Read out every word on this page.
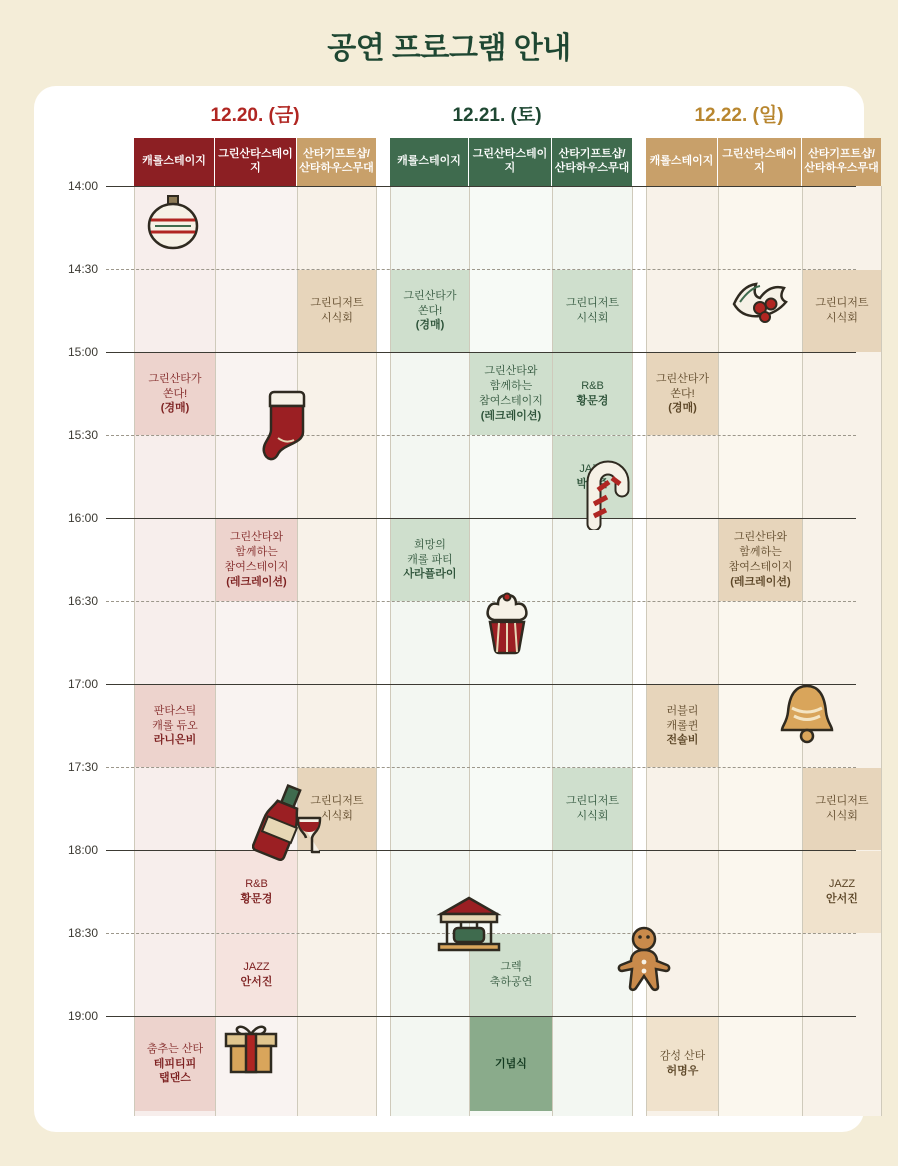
공연 프로그램 안내
12.20. (금)	12.21. (토)	12.22. (일)
캐롤스테이지
그린산타스테이지
산타기프트샵/산타하우스무대
캐롤스테이지
그린산타스테이지
산타기프트샵/산타하우스무대
캐롤스테이지
그린산타스테이지
산타기프트샵/산타하우스무대
14:00
14:30
15:00
15:30
16:00
16:30
17:00
17:30
18:00
18:30
19:00
그린디저트
시식회
그린산타가
쏜다!
(경매)
그린산타와
함께하는
참여스테이지
(레크레이션)
판타스틱
캐롤 듀오
라니은비
그린디저트
시식회
R&B
황문경
JAZZ
안서진
춤추는 산타
테피티피
탭댄스
그린산타가
쏜다!
(경매)
그린디저트
시식회
그린산타와
함께하는
참여스테이지
(레크레이션)
R&B
황문경
JAZZ
박영준
희망의
캐롤 파티
사라플라이
그린디저트
시식회
그렉
축하공연
기념식
그린디저트
시식회
그린산타가
쏜다!
(경매)
그린산타와
함께하는
참여스테이지
(레크레이션)
러블리
캐롤퀸
전솔비
그린디저트
시식회
JAZZ
안서진
감성 산타
허명우
